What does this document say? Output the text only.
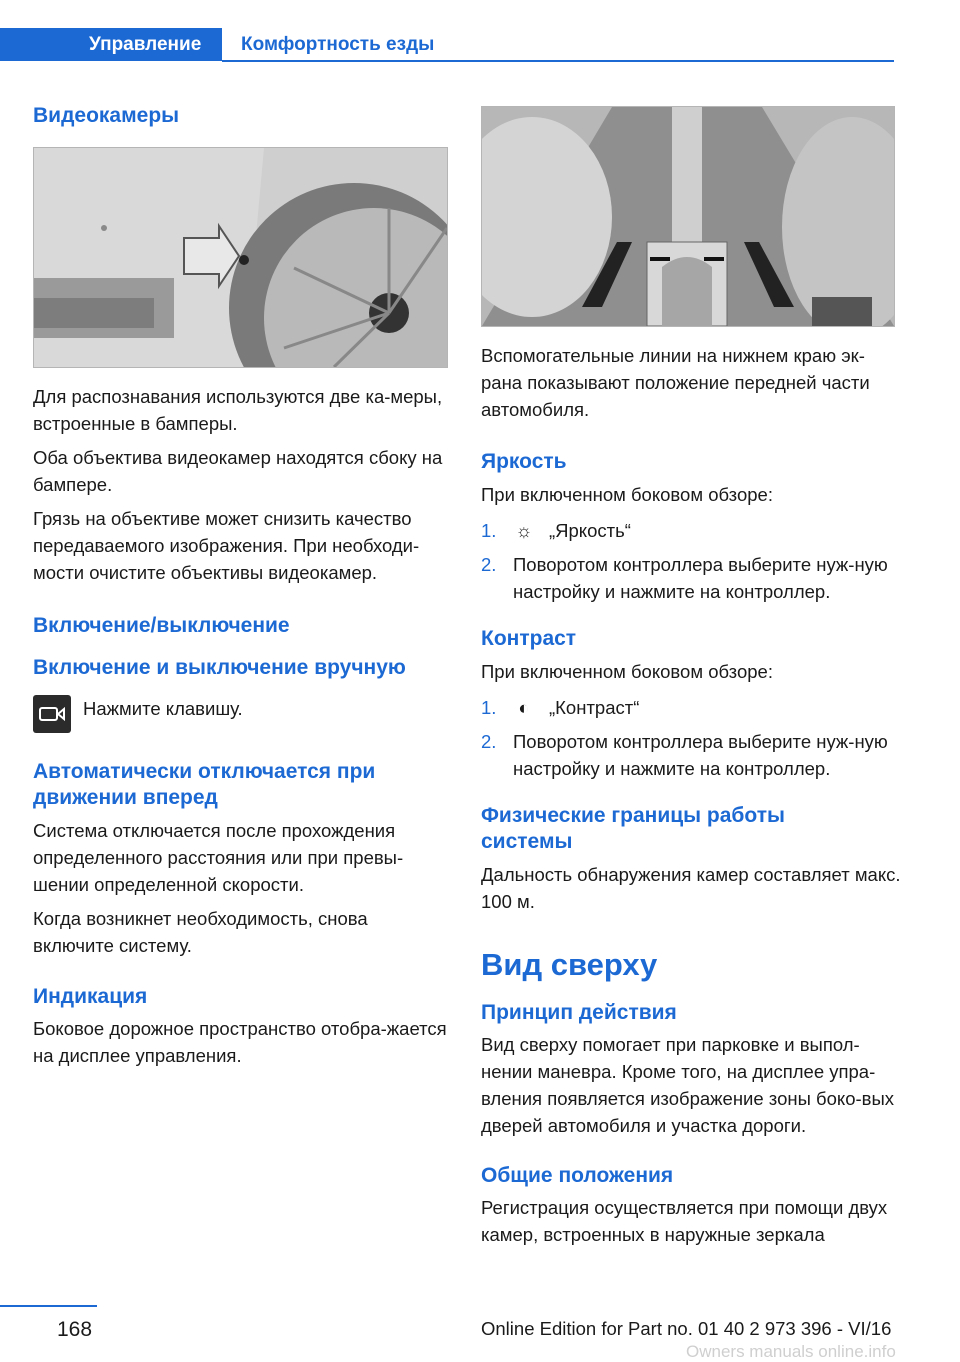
Управление	Комфортность езды
Видеокамеры

Для распознавания используются две ка-меры, встроенные в бамперы.

Оба объектива видеокамер находятся сбоку на бампере.

Грязь на объективе может снизить качество передаваемого изображения. При необходи-мости очистите объективы видеокамер.

Включение/выключение
Включение и выключение вручную

Нажмите клавишу.

Автоматически отключается при движении вперед

Система отключается после прохождения определенного расстояния или при превы-шении определенной скорости.

Когда возникнет необходимость, снова включите систему.

Индикация

Боковое дорожное пространство отобра-жается на дисплее управления.

Вспомогательные линии на нижнем краю эк-рана показывают положение передней части автомобиля.

Яркость

При включенном боковом обзоре:

1.	☼ „Яркость“
2. Поворотом контроллера выберите нуж-ную настройку и нажмите на контроллер.
Контраст

При включенном боковом обзоре:

1.	◐ „Контраст“
2. Поворотом контроллера выберите нуж-ную настройку и нажмите на контроллер.
Физические границы работы системы

Дальность обнаружения камер составляет макс. 100 м.

Вид сверху
Принцип действия

Вид сверху помогает при парковке и выпол-нении маневра. Кроме того, на дисплее упра-вления появляется изображение зоны боко-вых дверей автомобиля и участка дороги.

Общие положения

Регистрация осуществляется при помощи двух камер, встроенных в наружные зеркала

168	Online Edition for Part no. 01 40 2 973 396 - VI/16
Owners manuals online.info
